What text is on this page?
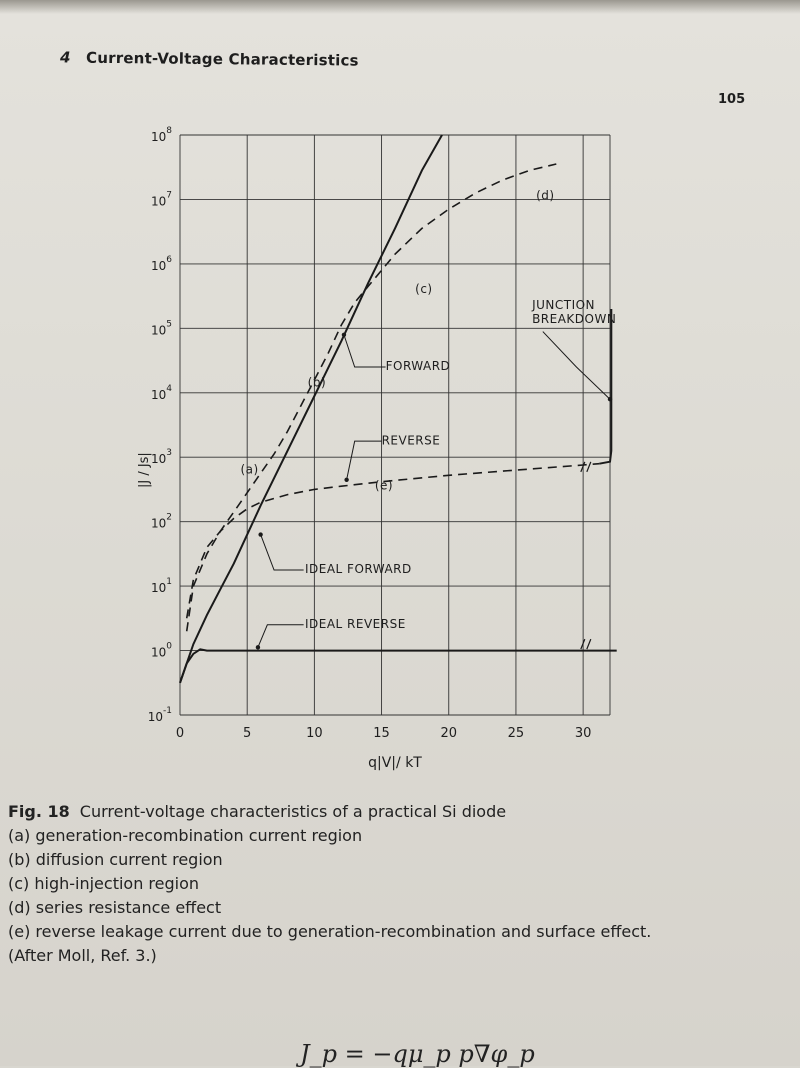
4 Current-Voltage Characteristics
105
0	5	10	15	20	25	30
$10^{-1}$
$10^0$
$10^1$
$10^2$
$10^3$
$10^4$
$10^5$
$10^6$
$10^7$
$10^8$
q|V|/ kT
|J / Js|	(a)
(b)
(c)
(d)
(e)
FORWARD
REVERSE
IDEAL FORWARD
IDEAL REVERSE
JUNCTION
BREAKDOWN
Fig. 18 Current-voltage characteristics of a practical Si diode
(a) generation-recombination current region
(b) diffusion current region
(c) high-injection region
(d) series resistance effect
(e) reverse leakage current due to generation-recombination and surface effect.
(After Moll, Ref. 3.)
J_p = −qμ_p p∇φ_p
